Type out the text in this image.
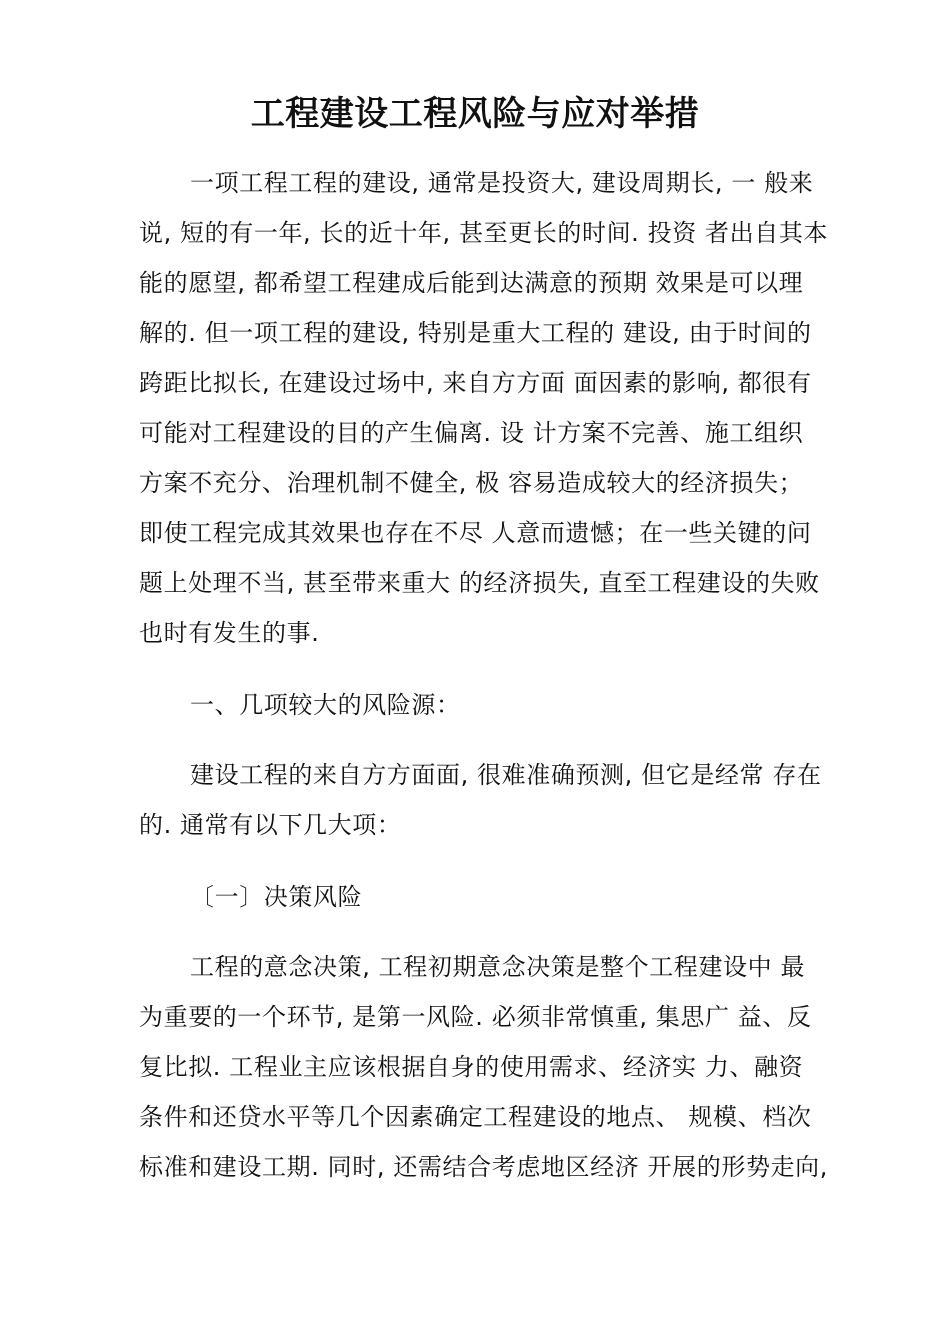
工程建设工程风险与应对举措
一项工程工程的建设, 通常是投资大, 建设周期长, 一 般来
说, 短的有一年, 长的近十年, 甚至更长的时间. 投资 者出自其本
能的愿望, 都希望工程建成后能到达满意的预期 效果是可以理
解的. 但一项工程的建设, 特别是重大工程的 建设, 由于时间的
跨距比拟长, 在建设过场中, 来自方方面 面因素的影响, 都很有
可能对工程建设的目的产生偏离. 设 计方案不完善、施工组织
方案不充分、治理机制不健全, 极 容易造成较大的经济损失；
即使工程完成其效果也存在不尽 人意而遗憾；在一些关键的问
题上处理不当, 甚至带来重大 的经济损失, 直至工程建设的失败
也时有发生的事.
一、几项较大的风险源：
建设工程的来自方方面面, 很难准确预测, 但它是经常 存在
的. 通常有以下几大项：
〔一〕决策风险
工程的意念决策, 工程初期意念决策是整个工程建设中 最
为重要的一个环节, 是第一风险. 必须非常慎重, 集思广 益、反
复比拟. 工程业主应该根据自身的使用需求、经济实 力、融资
条件和还贷水平等几个因素确定工程建设的地点、 规模、档次
标准和建设工期. 同时, 还需结合考虑地区经济 开展的形势走向,
